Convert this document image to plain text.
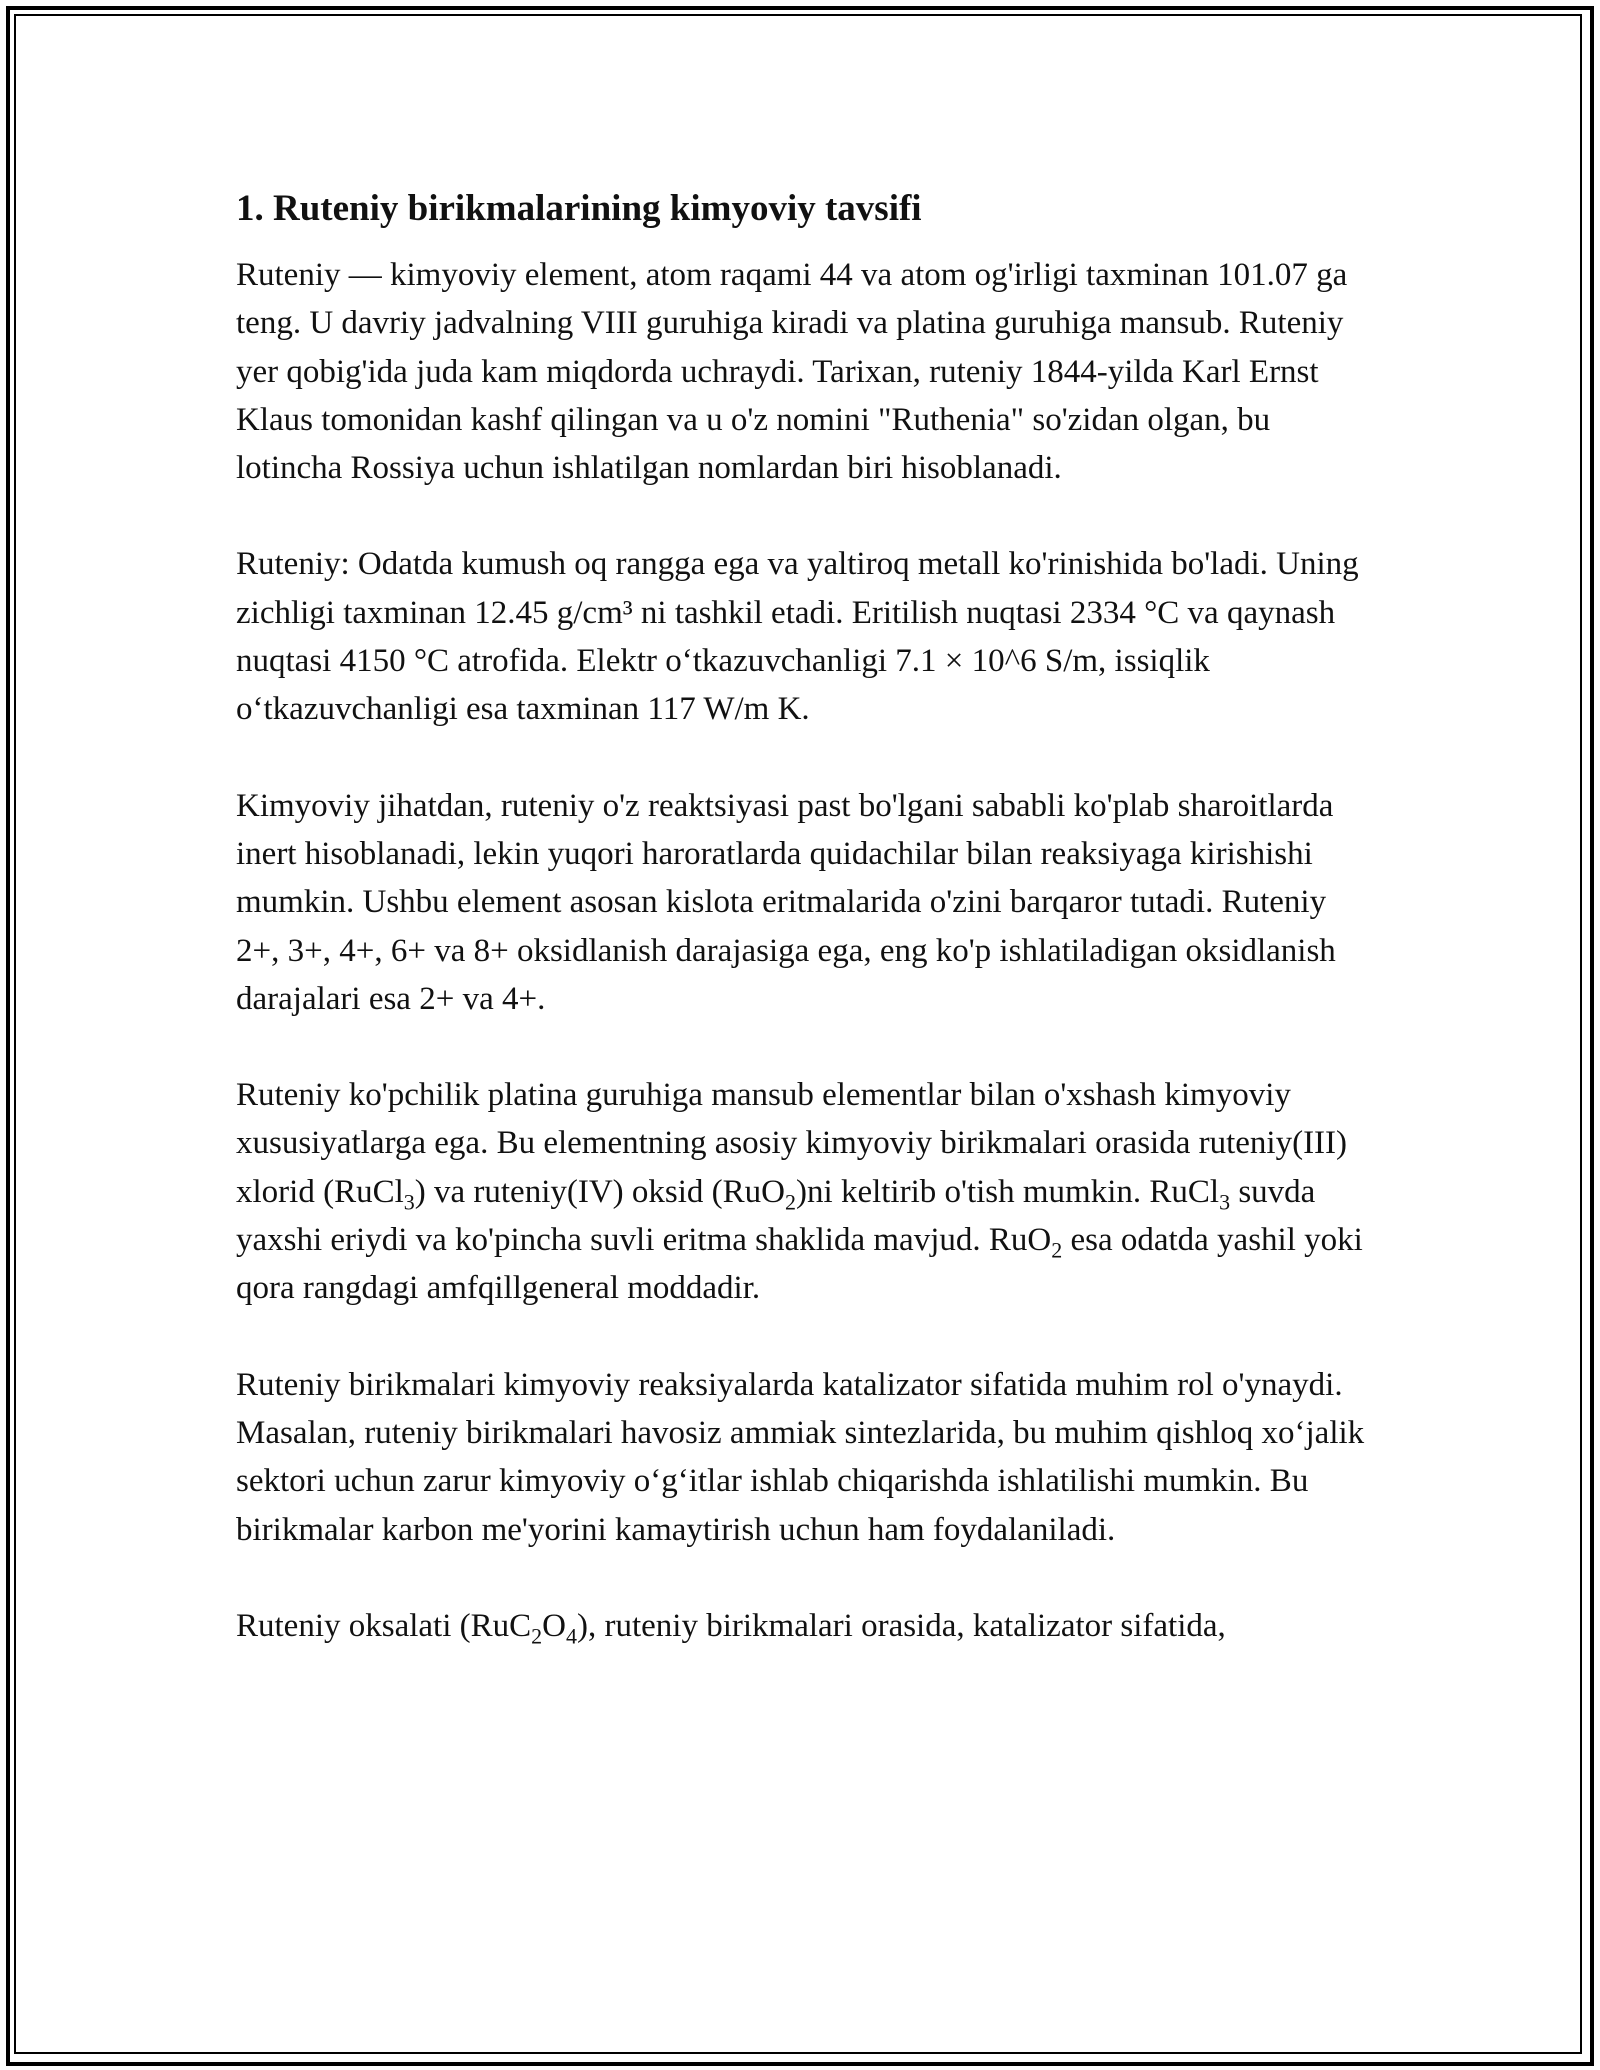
1. Ruteniy birikmalarining kimyoviy tavsifi

Ruteniy — kimyoviy element, atom raqami 44 va atom og'irligi taxminan 101.07 ga teng. U davriy jadvalning VIII guruhiga kiradi va platina guruhiga mansub. Ruteniy yer qobig'ida juda kam miqdorda uchraydi. Tarixan, ruteniy 1844-yilda Karl Ernst Klaus tomonidan kashf qilingan va u o'z nomini "Ruthenia" so'zidan olgan, bu lotincha Rossiya uchun ishlatilgan nomlardan biri hisoblanadi.

Ruteniy: Odatda kumush oq rangga ega va yaltiroq metall ko'rinishida bo'ladi. Uning zichligi taxminan 12.45 g/cm³ ni tashkil etadi. Eritilish nuqtasi 2334 °C va qaynash nuqtasi 4150 °C atrofida. Elektr o‘tkazuvchanligi 7.1 × 10^6 S/m, issiqlik o‘tkazuvchanligi esa taxminan 117 W/m K.

Kimyoviy jihatdan, ruteniy o'z reaktsiyasi past bo'lgani sababli ko'plab sharoitlarda inert hisoblanadi, lekin yuqori haroratlarda quidachilar bilan reaksiyaga kirishishi mumkin. Ushbu element asosan kislota eritmalarida o'zini barqaror tutadi. Ruteniy 2+, 3+, 4+, 6+ va 8+ oksidlanish darajasiga ega, eng ko'p ishlatiladigan oksidlanish darajalari esa 2+ va 4+.

Ruteniy ko'pchilik platina guruhiga mansub elementlar bilan o'xshash kimyoviy xususiyatlarga ega. Bu elementning asosiy kimyoviy birikmalari orasida ruteniy(III) xlorid (RuCl$_3$) va ruteniy(IV) oksid (RuO$_2$)ni keltirib o'tish mumkin. RuCl$_3$ suvda yaxshi eriydi va ko'pincha suvli eritma shaklida mavjud. RuO$_2$ esa odatda yashil yoki qora rangdagi amfqillgeneral moddadir.

Ruteniy birikmalari kimyoviy reaksiyalarda katalizator sifatida muhim rol o'ynaydi. Masalan, ruteniy birikmalari havosiz ammiak sintezlarida, bu muhim qishloq xo‘jalik sektori uchun zarur kimyoviy o‘g‘itlar ishlab chiqarishda ishlatilishi mumkin. Bu birikmalar karbon me'yorini kamaytirish uchun ham foydalaniladi.

Ruteniy oksalati $(RuC_2O_4)$, ruteniy birikmalari orasida, katalizator sifatida,
